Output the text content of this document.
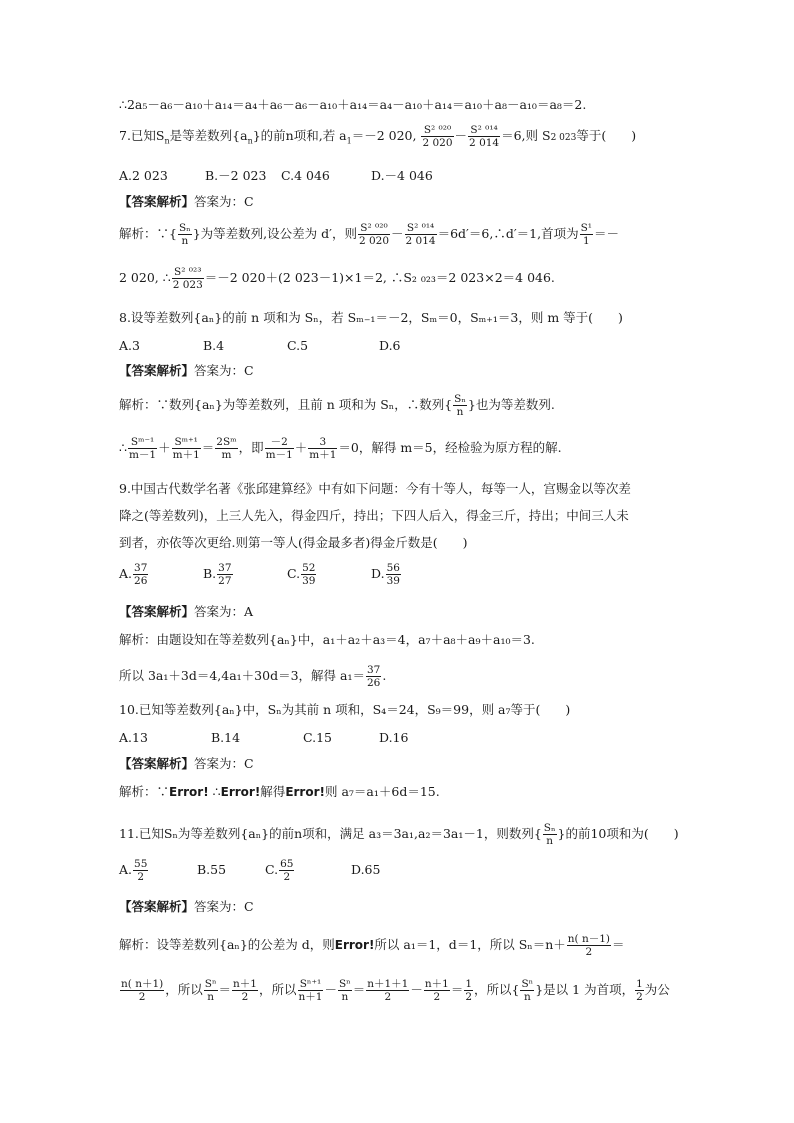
∴2a₅－a₆－a₁₀＋a₁₄＝a₄＋a₆－a₆－a₁₀＋a₁₄＝a₄－a₁₀＋a₁₄＝a₁₀＋a₈－a₁₀＝a₈＝2.
7.已知$S_n$是等差数列$\{a_n\}$的前n项和,若 $a_1=-2$ 020, $\frac{\text{S² ⁰²⁰}}{2 020} - \frac{\text{S² ⁰¹⁴}}{2 014} =6$,则 S2 023等于(　　)
A.2 023	B.－2 023 C.4 046	D.－4 046
【答案解析】答案为：C
解析：∵{ $\frac{\text{Sₙ}}{n}$ }为等差数列,设公差为 d′，则 $\frac{\text{S² ⁰²⁰}}{2 020} - \frac{\text{S² ⁰¹⁴}}{2 014}$ ＝6d′＝6,∴d′＝1,首项为 $\frac{\text{S¹}}{1}$ ＝－
2 020, ∴ $\frac{\text{S² ⁰²³}}{2 023} =-2$ 020＋(2 023－1)×1＝2, ∴S₂ ₀₂₃＝2 023×2＝4 046.
8.设等差数列{aₙ}的前 n 项和为 Sₙ，若 Sₘ₋₁＝－2，Sₘ＝0，Sₘ₊₁＝3，则 m 等于(　　)
A.3	B.4	C.5	D.6
【答案解析】答案为：C
解析：∵数列{aₙ}为等差数列，且前 n 项和为 Sₙ，∴数列{ $\frac{\text{Sₙ}}{n}$ }也为等差数列.
∴ $\frac{\text{Sᵐ⁻¹}}{m-1} + \frac{\text{Sᵐ⁺¹}}{m+1} = \frac{\text{2Sᵐ}}{m}$ ，即 $\frac{-2}{m-1} + \frac{3}{m+1} =0$，解得 m＝5，经检验为原方程的解.
9.中国古代数学名著《张邱建算经》中有如下问题：今有十等人，每等一人，宫赐金以等次差
降之(等差数列)，上三人先入，得金四斤，持出；下四人后入，得金三斤，持出；中间三人未
到者，亦依等次更给.则第一等人(得金最多者)得金斤数是(　　)
A. $\frac{37}{26}$	B. $\frac{37}{27}$	C. $\frac{52}{39}$	D. $\frac{56}{39}$
【答案解析】答案为：A
解析：由题设知在等差数列{aₙ}中，a₁＋a₂＋a₃＝4，a₇＋a₈＋a₉＋a₁₀＝3.
所以 3a₁＋3d＝4,4a₁＋30d＝3，解得 $a_1= \frac{37}{26}$ .
10.已知等差数列{aₙ}中，Sₙ为其前 n 项和，S₄＝24，S₉＝99，则 a₇等于(　　)
A.13	B.14	C.15	D.16
【答案解析】答案为：C
解析：∵Error! ∴Error!解得Error!则 a₇＝a₁＋6d＝15.
11.已知Sₙ为等差数列{aₙ}的前n项和，满足 a₃＝3a₁,a₂＝3a₁－1，则数列{ $\frac{\text{Sₙ}}{n}$ }的前10项和为(　　)
A. $\frac{55}{2}$	B.55	C. $\frac{65}{2}$	D.65
【答案解析】答案为：C
解析：设等差数列{aₙ}的公差为 d，则Error!所以 a₁＝1，d＝1，所以 $S_n=n+ \frac{n( n-1)}{2}$ ＝
$\frac{n( n+1)}{2}$ ，所以 $\frac{\text{Sⁿ}}{n} = \frac{n+1}{2}$ ，所以 $\frac{\text{Sⁿ⁺¹}}{n+1} - \frac{\text{Sⁿ}}{n} = \frac{n+1+1}{2} - \frac{n+1}{2} = \frac{1}{2}$ ，所以{ $\frac{\text{Sⁿ}}{n}$ }是以 1 为首项， $\frac{1}{2}$ 为公
